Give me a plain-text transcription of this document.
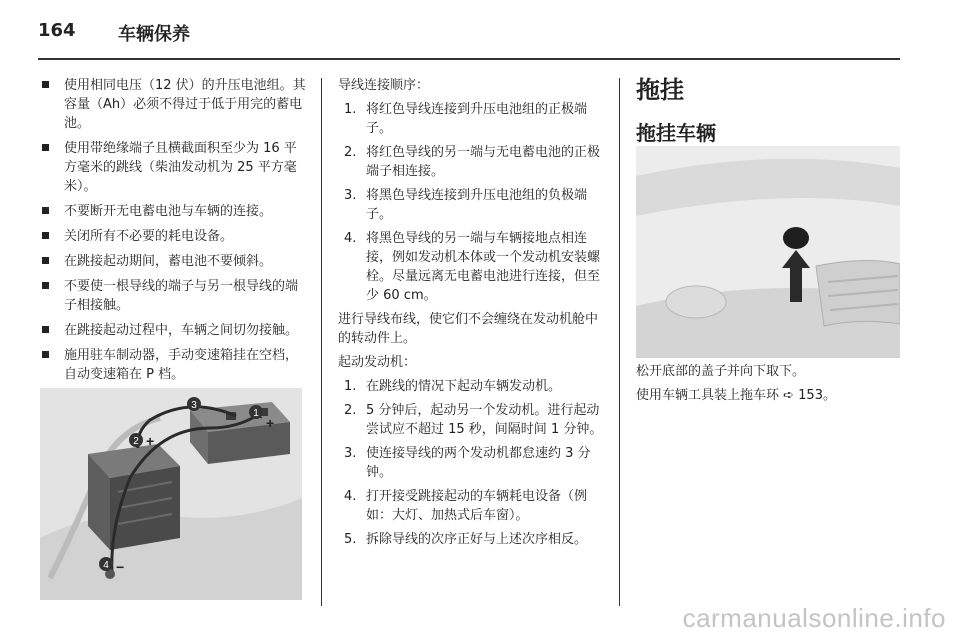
164 车辆保养
使用相同电压（12 伏）的升压电池组。其容量（Ah）必须不得过于低于用完的蓄电池。
使用带绝缘端子且横截面积至少为 16 平方毫米的跳线（柴油发动机为 25 平方毫米）。
不要断开无电蓄电池与车辆的连接。
关闭所有不必要的耗电设备。
在跳接起动期间，蓄电池不要倾斜。
不要使一根导线的端子与另一根导线的端子相接触。
在跳接起动过程中，车辆之间切勿接触。
施用驻车制动器，手动变速箱挂在空档，自动变速箱在 P 档。
1
+
2 +
3
4 −

导线连接顺序：

1. 将红色导线连接到升压电池组的正极端子。
2. 将红色导线的另一端与无电蓄电池的正极端子相连接。
3. 将黑色导线连接到升压电池组的负极端子。
4. 将黑色导线的另一端与车辆接地点相连接，例如发动机本体或一个发动机安装螺栓。尽量远离无电蓄电池进行连接，但至少 60 cm。

进行导线布线，使它们不会缠绕在发动机舱中的转动件上。

起动发动机：

1. 在跳线的情况下起动车辆发动机。
2. 5 分钟后，起动另一个发动机。进行起动尝试应不超过 15 秒，间隔时间 1 分钟。
3. 使连接导线的两个发动机都怠速约 3 分钟。
4. 打开接受跳接起动的车辆耗电设备（例如：大灯、加热式后车窗）。
5. 拆除导线的次序正好与上述次序相反。
拖挂
拖挂车辆

松开底部的盖子并向下取下。

使用车辆工具装上拖车环 ➪ 153。

carmanualsonline.info
